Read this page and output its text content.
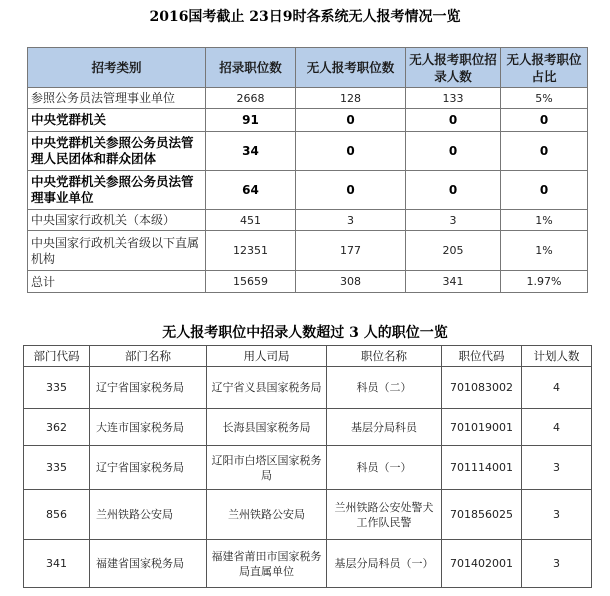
2016国考截止 23日9时各系统无人报考情况一览
招考类别	招录职位数	无人报考职位数	无人报考职位招录人数	无人报考职位占比
参照公务员法管理事业单位	2668	128	133	5%
中央党群机关	91	0	0	0
中央党群机关参照公务员法管理人民团体和群众团体	34	0	0	0
中央党群机关参照公务员法管理事业单位	64	0	0	0
中央国家行政机关（本级）	451	3	3	1%
中央国家行政机关省级以下直属机构	12351	177	205	1%
总计	15659	308	341	1.97%
无人报考职位中招录人数超过 3 人的职位一览
部门代码	部门名称	用人司局	职位名称	职位代码	计划人数
335	辽宁省国家税务局	辽宁省义县国家税务局	科员（二）	701083002	4
362	大连市国家税务局	长海县国家税务局	基层分局科员	701019001	4
335	辽宁省国家税务局	辽阳市白塔区国家税务局	科员（一）	701114001	3
856	兰州铁路公安局	兰州铁路公安局	兰州铁路公安处警犬工作队民警	701856025	3
341	福建省国家税务局	福建省莆田市国家税务局直属单位	基层分局科员（一）	701402001	3
